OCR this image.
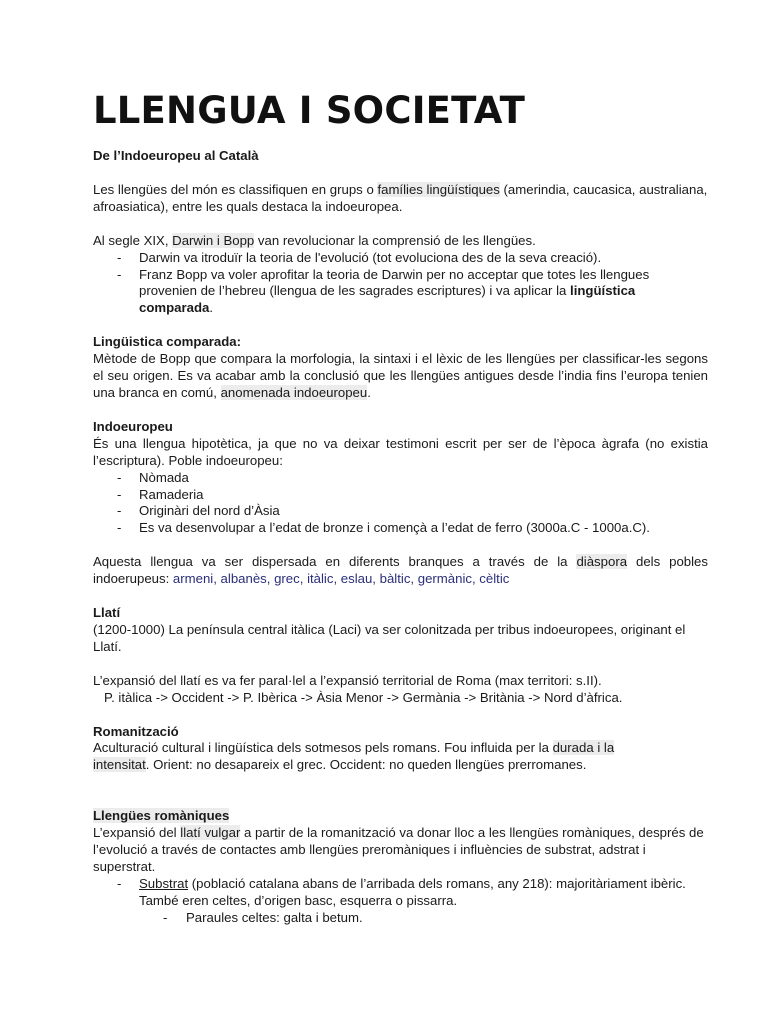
LLENGUA I SOCIETAT

De l’Indoeuropeu al Català

Les llengües del món es classifiquen en grups o famílies lingüístiques (amerindia, caucasica, australiana, afroasiatica), entre les quals destaca la indoeuropea.

Al segle XIX, Darwin i Bopp van revolucionar la comprensió de les llengües.

- Darwin va itroduïr la teoria de l'evolució (tot evoluciona des de la seva creació).
- Franz Bopp va voler aprofitar la teoria de Darwin per no acceptar que totes les llengues provenien de l’hebreu (llengua de les sagrades escriptures) i va aplicar la lingüística comparada.

Lingüistica comparada:

Mètode de Bopp que compara la morfologia, la sintaxi i el lèxic de les llengües per classificar-les segons el seu origen. Es va acabar amb la conclusió que les llengües antigues desde l’india fins l’europa tenien una branca en comú, anomenada indoeuropeu.

Indoeuropeu

És una llengua hipotètica, ja que no va deixar testimoni escrit per ser de l’època àgrafa (no existia l’escriptura). Poble indoeuropeu:

- Nòmada
- Ramaderia
- Originàri del nord d’Àsia
- Es va desenvolupar a l’edat de bronze i començà a l’edat de ferro (3000a.C - 1000a.C).

Aquesta llengua va ser dispersada en diferents branques a través de la diàspora dels pobles indoerupeus: armeni, albanès, grec, itàlic, eslau, bàltic, germànic, cèltic

Llatí

(1200-1000) La península central itàlica (Laci) va ser colonitzada per tribus indoeuropees, originant el Llatí.

L’expansió del llatí es va fer paral·lel a l’expansió territorial de Roma (max territori: s.II).

P. itàlica -> Occident -> P. Ibèrica -> Àsia Menor -> Germània -> Britània -> Nord d’àfrica.

Romanització

Aculturació cultural i lingüística dels sotmesos pels romans. Fou influida per la durada i la
intensitat. Orient: no desapareix el grec. Occident: no queden llengües prerromanes.

Llengües romàniques

L’expansió del llatí vulgar a partir de la romanització va donar lloc a les llengües romàniques, després de l’evolució a través de contactes amb llengües preromàniques i influències de substrat, adstrat i superstrat.

- Substrat (població catalana abans de l’arribada dels romans, any 218): majoritàriament ibèric. També eren celtes, d’origen basc, esquerra o pissarra.
- Paraules celtes: galta i betum.
